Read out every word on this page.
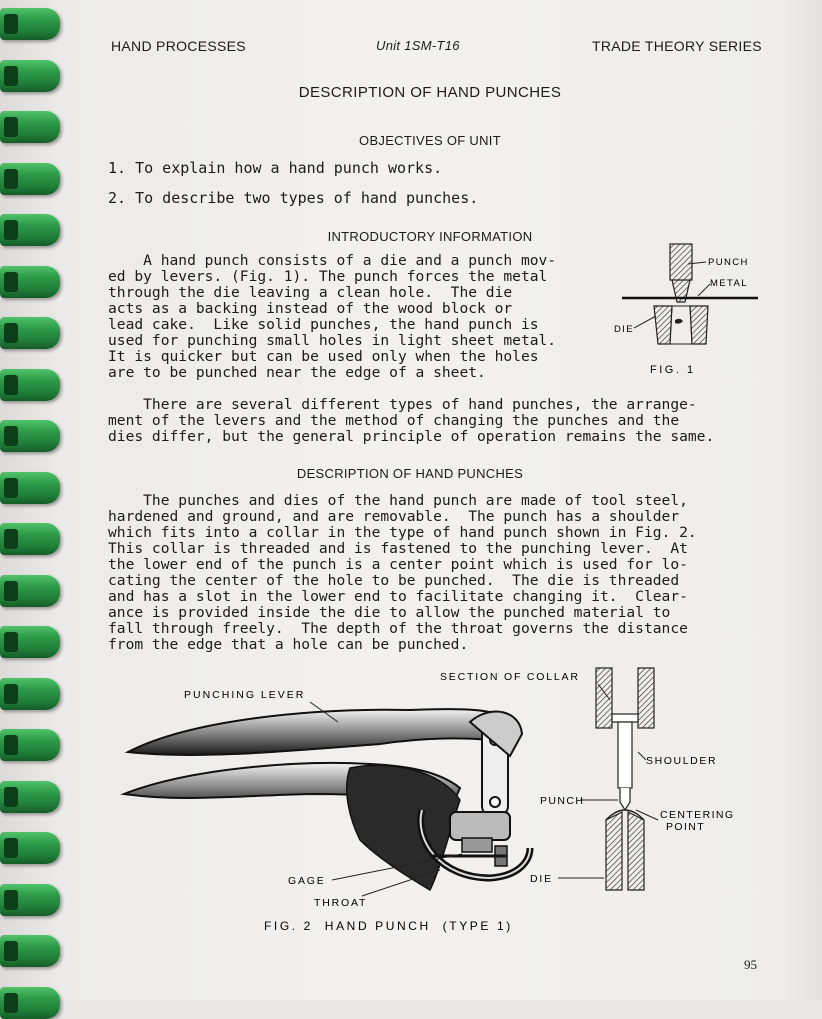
HAND PROCESSES	Unit 1SM-T16	TRADE THEORY SERIES
DESCRIPTION OF HAND PUNCHES
OBJECTIVES OF UNIT
1. To explain how a hand punch works.
2. To describe two types of hand punches.
INTRODUCTORY INFORMATION
A hand punch consists of a die and a punch mov-
ed by levers. (Fig. 1). The punch forces the metal
through the die leaving a clean hole.  The die
acts as a backing instead of the wood block or
lead cake.  Like solid punches, the hand punch is
used for punching small holes in light sheet metal.
It is quicker but can be used only when the holes
are to be punched near the edge of a sheet.
PUNCH
METAL
DIE
FIG. 1
There are several different types of hand punches, the arrange-
ment of the levers and the method of changing the punches and the
dies differ, but the general principle of operation remains the same.
DESCRIPTION OF HAND PUNCHES
The punches and dies of the hand punch are made of tool steel,
hardened and ground, and are removable.  The punch has a shoulder
which fits into a collar in the type of hand punch shown in Fig. 2.
This collar is threaded and is fastened to the punching lever.  At
the lower end of the punch is a center point which is used for lo-
cating the center of the hole to be punched.  The die is threaded
and has a slot in the lower end to facilitate changing it.  Clear-
ance is provided inside the die to allow the punched material to
fall through freely.  The depth of the throat governs the distance
from the edge that a hole can be punched.
PUNCHING LEVER
SECTION OF COLLAR
SHOULDER
PUNCH
CENTERING
POINT
GAGE
THROAT
DIE
FIG. 2  HAND PUNCH  (TYPE 1)
95
